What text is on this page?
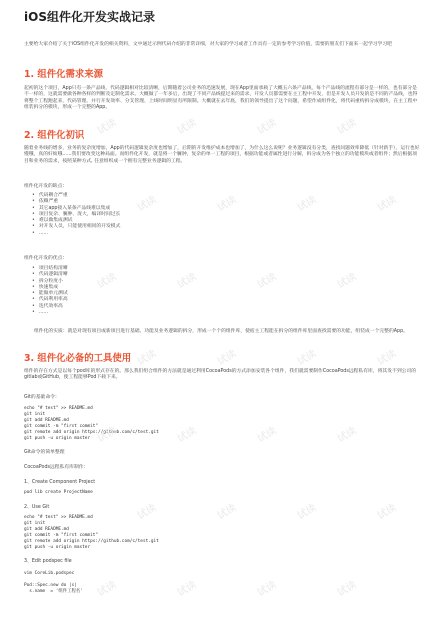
iOS组件化开发实战记录

主要给大家介绍了关于iOS组件化开发的相关资料，文中通过示例代码介绍的非常详细，对大家的学习或者工作具有一定的参考学习价值，需要的朋友们下面来一起学习学习吧

1. 组件化需求来源

起初的这个项目，App只有一条产品线，代码逻辑相对比较清晰，后期随着公司业务的迅速发展，现在App里面承载了大概五六条产品线，每个产品线的流程有部分是一样的，也有部分是不一样的，这就需要做各种各样的判断及定制化需求。大概做了一年多后，出现了不同产品线提过来的需求，开发人员都需要在主工程中开发，但是开发人员开发的是不同的产品线，也得将整个工程跑起来，代码管理、并行开发效率、分支管理、上线时间明显有所限制。大概就在去年底，我们的领导提出了这个问题，希望作成组件化，将代码重构拆分成模块，在主工程中组装拆分的模块，形成一个完整的App。

2. 组件化初识

随着业务线的增多，业务的复杂度增加，App的代码逻辑复杂度也增加了，后期的开发维护成本也增加了，为什么这么说呢？业务逻辑没有分类，查找问题效率降低（针对新手），运行也好慢哦，真的好烦哦......我们要改变这种局面。而组件化开发，就是将一个臃肿，复杂的单一工程的项目，根据功能或者属性进行分解，拆分成为各个独立的功能模块或者组件；然后根据项目和业务的需求，按照某种方式, 任意组织成一个拥有完整业务逻辑的工程。

组件化开发的缺点：
• 代码耦合严重
• 依赖严重
• 其它app接入某条产品线难以集成
• 项目复杂、臃肿、庞大，编译时间过长
• 难以做集成测试
• 对开发人员，只能使用相同的开发模式
• ......
组件化开发的优点：
• 项目结构清晰
• 代码逻辑清晰
• 拆分粒度小
• 快速集成
• 能做单元测试
• 代码利用率高
• 迭代效率高
• ......

组件化的实质：就是对现有项目或新项目进行基础、功能及业务逻辑的拆分，形成一个个的组件库，使宿主工程能在拆分的组件库里面查找需要的功能，组装成一个完整的App。

3. 组件化必备的工具使用

组件的存在方式是以每个pod库的形式存在的。那么我们组合组件的方法就是通过利用CocoaPods的方式添加安装各个组件，我们就需要制作CocoaPods远程私有库，将其发不到公司的gitlab或GitHub，使工程能够Pod下载下来。

Git的基础命令：
echo "# test" >> README.md
git init
git add README.md
git commit -m "first commit"
git remote add origin https://github.com/c/test.git
git push -u origin master
Git命令的简单整理
CocoaPods远程私有库制作：
1、Create Component Project
pod lib create ProjectName
2、Use Git
echo "# test" >> README.md
git init
git add README.md
git commit -m "first commit"
git remote add origin https://github.com/c/test.git
git push -u origin master
3、Edit podspec file
vim CoreLib.podspec

Pod::Spec.new do |s|
s.name  = '组件工程名'
试读	试读	试读	试读
试读	试读	试读	试读
试读	试读	试读	试读
试读	试读	试读	试读
试读	试读	试读	试读
试读	试读	试读	试读
试读	试读	试读	试读
